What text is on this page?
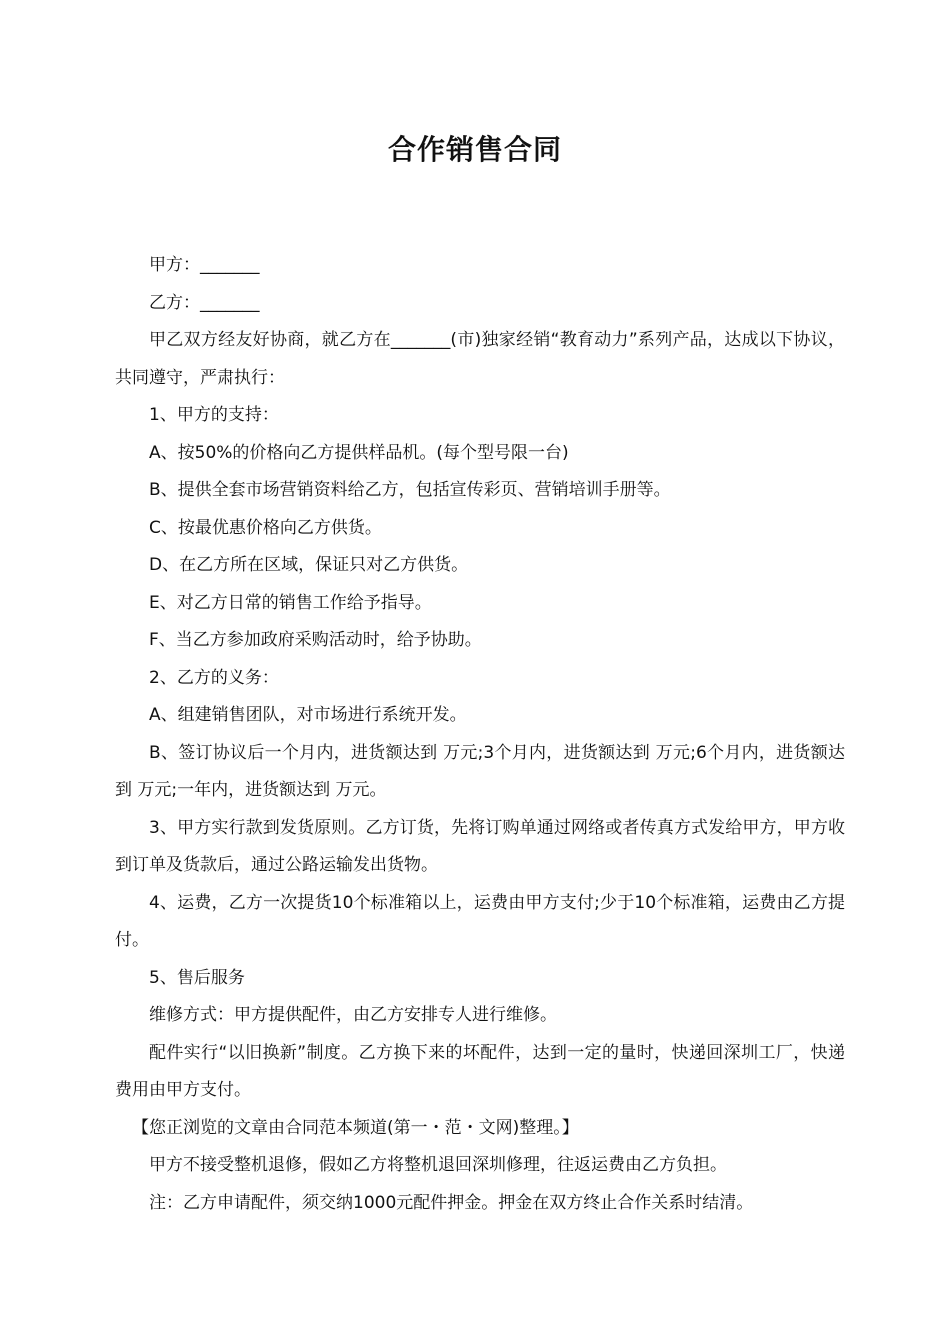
合作销售合同

甲方：_______

乙方：_______

甲乙双方经友好协商，就乙方在_______(市)独家经销“教育动力”系列产品，达成以下协议，共同遵守，严肃执行：

1、甲方的支持：

A、按50%的价格向乙方提供样品机。(每个型号限一台)

B、提供全套市场营销资料给乙方，包括宣传彩页、营销培训手册等。

C、按最优惠价格向乙方供货。

D、在乙方所在区域，保证只对乙方供货。

E、对乙方日常的销售工作给予指导。

F、当乙方参加政府采购活动时，给予协助。

2、乙方的义务：

A、组建销售团队，对市场进行系统开发。

B、签订协议后一个月内，进货额达到 万元;3个月内，进货额达到 万元;6个月内，进货额达到 万元;一年内，进货额达到 万元。

3、甲方实行款到发货原则。乙方订货，先将订购单通过网络或者传真方式发给甲方，甲方收到订单及货款后，通过公路运输发出货物。

4、运费，乙方一次提货10个标准箱以上，运费由甲方支付;少于10个标准箱，运费由乙方提付。

5、售后服务

维修方式：甲方提供配件，由乙方安排专人进行维修。

配件实行“以旧换新”制度。乙方换下来的坏配件，达到一定的量时，快递回深圳工厂，快递费用由甲方支付。

【您正浏览的文章由合同范本频道(第一・范・文网)整理。】

甲方不接受整机退修，假如乙方将整机退回深圳修理，往返运费由乙方负担。

注：乙方申请配件，须交纳1000元配件押金。押金在双方终止合作关系时结清。
